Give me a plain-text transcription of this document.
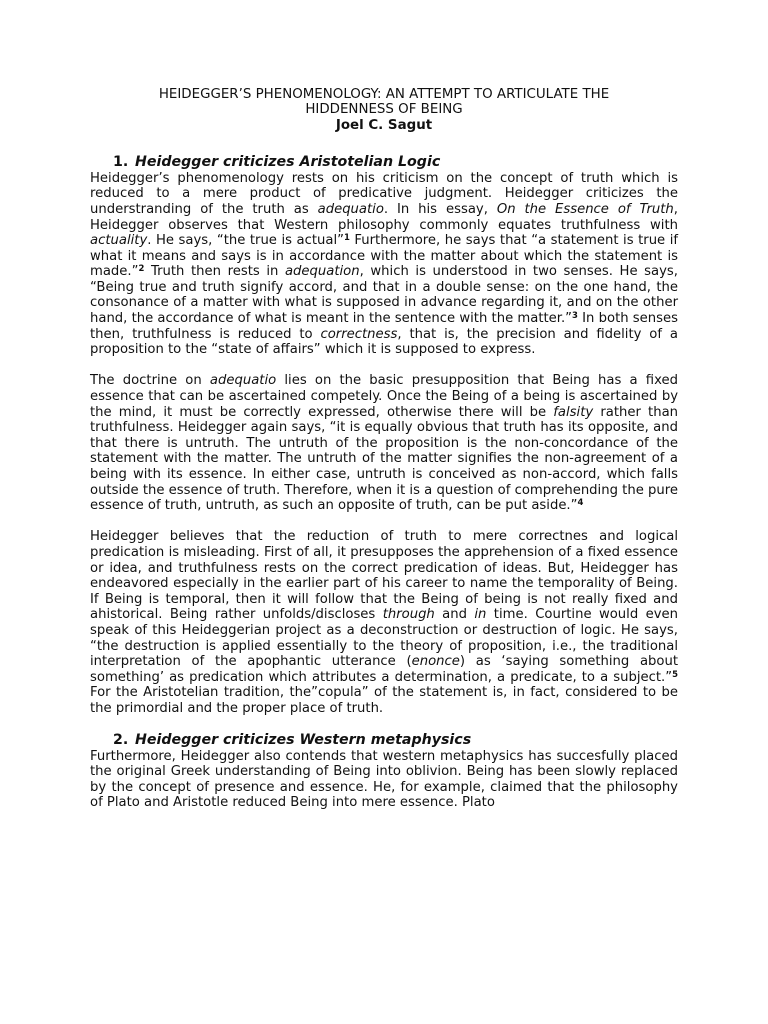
HEIDEGGER’S PHENOMENOLOGY: AN ATTEMPT TO ARTICULATE THE
HIDDENNESS OF BEING
Joel C. Sagut
1. Heidegger criticizes Aristotelian Logic

Heidegger’s phenomenology rests on his criticism on the concept of truth which is reduced to a mere product of predicative judgment. Heidegger criticizes the understranding of the truth as adequatio. In his essay, On the Essence of Truth, Heidegger observes that Western philosophy commonly equates truthfulness with actuality. He says, “the true is actual”$^1$ Furthermore, he says that “a statement is true if what it means and says is in accordance with the matter about which the statement is made.”$^2$ Truth then rests in adequation, which is understood in two senses. He says, “Being true and truth signify accord, and that in a double sense: on the one hand, the consonance of a matter with what is supposed in advance regarding it, and on the other hand, the accordance of what is meant in the sentence with the matter.”$^3$ In both senses then, truthfulness is reduced to correctness, that is, the precision and fidelity of a proposition to the “state of affairs” which it is supposed to express.

The doctrine on adequatio lies on the basic presupposition that Being has a fixed essence that can be ascertained competely. Once the Being of a being is ascertained by the mind, it must be correctly expressed, otherwise there will be falsity rather than truthfulness. Heidegger again says, “it is equally obvious that truth has its opposite, and that there is untruth. The untruth of the proposition is the non-concordance of the statement with the matter. The untruth of the matter signifies the non-agreement of a being with its essence. In either case, untruth is conceived as non-accord, which falls outside the essence of truth. Therefore, when it is a question of comprehending the pure essence of truth, untruth, as such an opposite of truth, can be put aside.”$^4$

Heidegger believes that the reduction of truth to mere correctnes and logical predication is misleading. First of all, it presupposes the apprehension of a fixed essence or idea, and truthfulness rests on the correct predication of ideas. But, Heidegger has endeavored especially in the earlier part of his career to name the temporality of Being. If Being is temporal, then it will follow that the Being of being is not really fixed and ahistorical. Being rather unfolds/discloses through and in time. Courtine would even speak of this Heideggerian project as a deconstruction or destruction of logic. He says, “the destruction is applied essentially to the theory of proposition, i.e., the traditional interpretation of the apophantic utterance (enonce) as ‘saying something about something’ as predication which attributes a determination, a predicate, to a subject.”$^5$ For the Aristotelian tradition, the”copula” of the statement is, in fact, considered to be the primordial and the proper place of truth.

2. Heidegger criticizes Western metaphysics

Furthermore, Heidegger also contends that western metaphysics has succesfully placed the original Greek understanding of Being into oblivion. Being has been slowly replaced by the concept of presence and essence. He, for example, claimed that the philosophy of Plato and Aristotle reduced Being into mere essence. Plato
